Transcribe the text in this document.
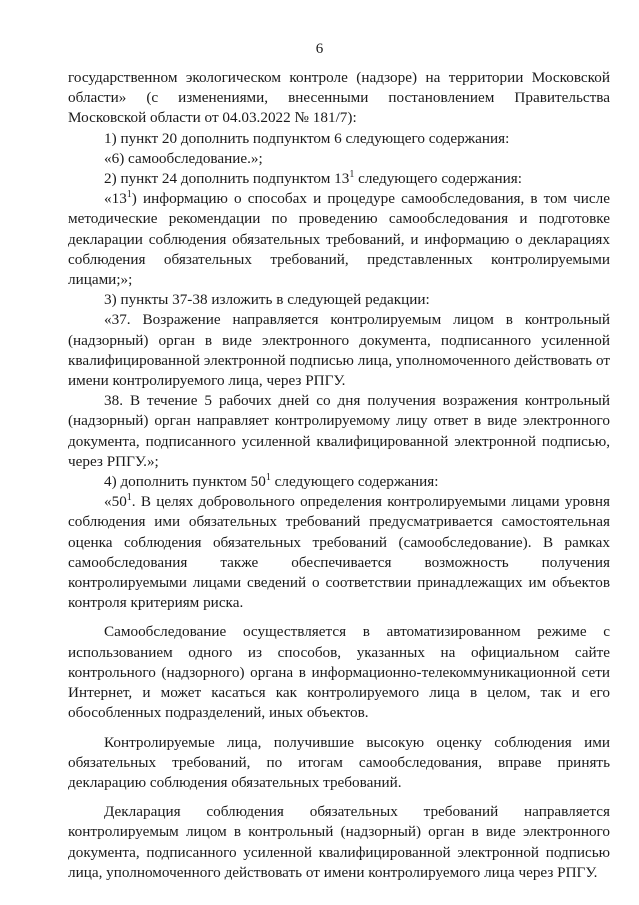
6

государственном экологическом контроле (надзоре) на территории Московской области» (с изменениями, внесенными постановлением Правительства Московской области от 04.03.2022 № 181/7):

1) пункт 20 дополнить подпунктом 6 следующего содержания:

«6) самообследование.»;

2) пункт 24 дополнить подпунктом $13^1$ следующего содержания:

«$13^1$) информацию о способах и процедуре самообследования, в том числе методические рекомендации по проведению самообследования и подготовке декларации соблюдения обязательных требований, и информацию о декларациях соблюдения обязательных требований, представленных контролируемыми лицами;»;

3) пункты 37-38 изложить в следующей редакции:

«37. Возражение направляется контролируемым лицом в контрольный (надзорный) орган в виде электронного документа, подписанного усиленной квалифицированной электронной подписью лица, уполномоченного действовать от имени контролируемого лица, через РПГУ.

38. В течение 5 рабочих дней со дня получения возражения контрольный (надзорный) орган направляет контролируемому лицу ответ в виде электронного документа, подписанного усиленной квалифицированной электронной подписью, через РПГУ.»;

4) дополнить пунктом $50^1$ следующего содержания:

«$50^1$. В целях добровольного определения контролируемыми лицами уровня соблюдения ими обязательных требований предусматривается самостоятельная оценка соблюдения обязательных требований (самообследование). В рамках самообследования также обеспечивается возможность получения контролируемыми лицами сведений о соответствии принадлежащих им объектов контроля критериям риска.

Самообследование осуществляется в автоматизированном режиме с использованием одного из способов, указанных на официальном сайте контрольного (надзорного) органа в информационно-телекоммуникационной сети Интернет, и может касаться как контролируемого лица в целом, так и его обособленных подразделений, иных объектов.

Контролируемые лица, получившие высокую оценку соблюдения ими обязательных требований, по итогам самообследования, вправе принять декларацию соблюдения обязательных требований.

Декларация соблюдения обязательных требований направляется контролируемым лицом в контрольный (надзорный) орган в виде электронного документа, подписанного усиленной квалифицированной электронной подписью лица, уполномоченного действовать от имени контролируемого лица через РПГУ.
